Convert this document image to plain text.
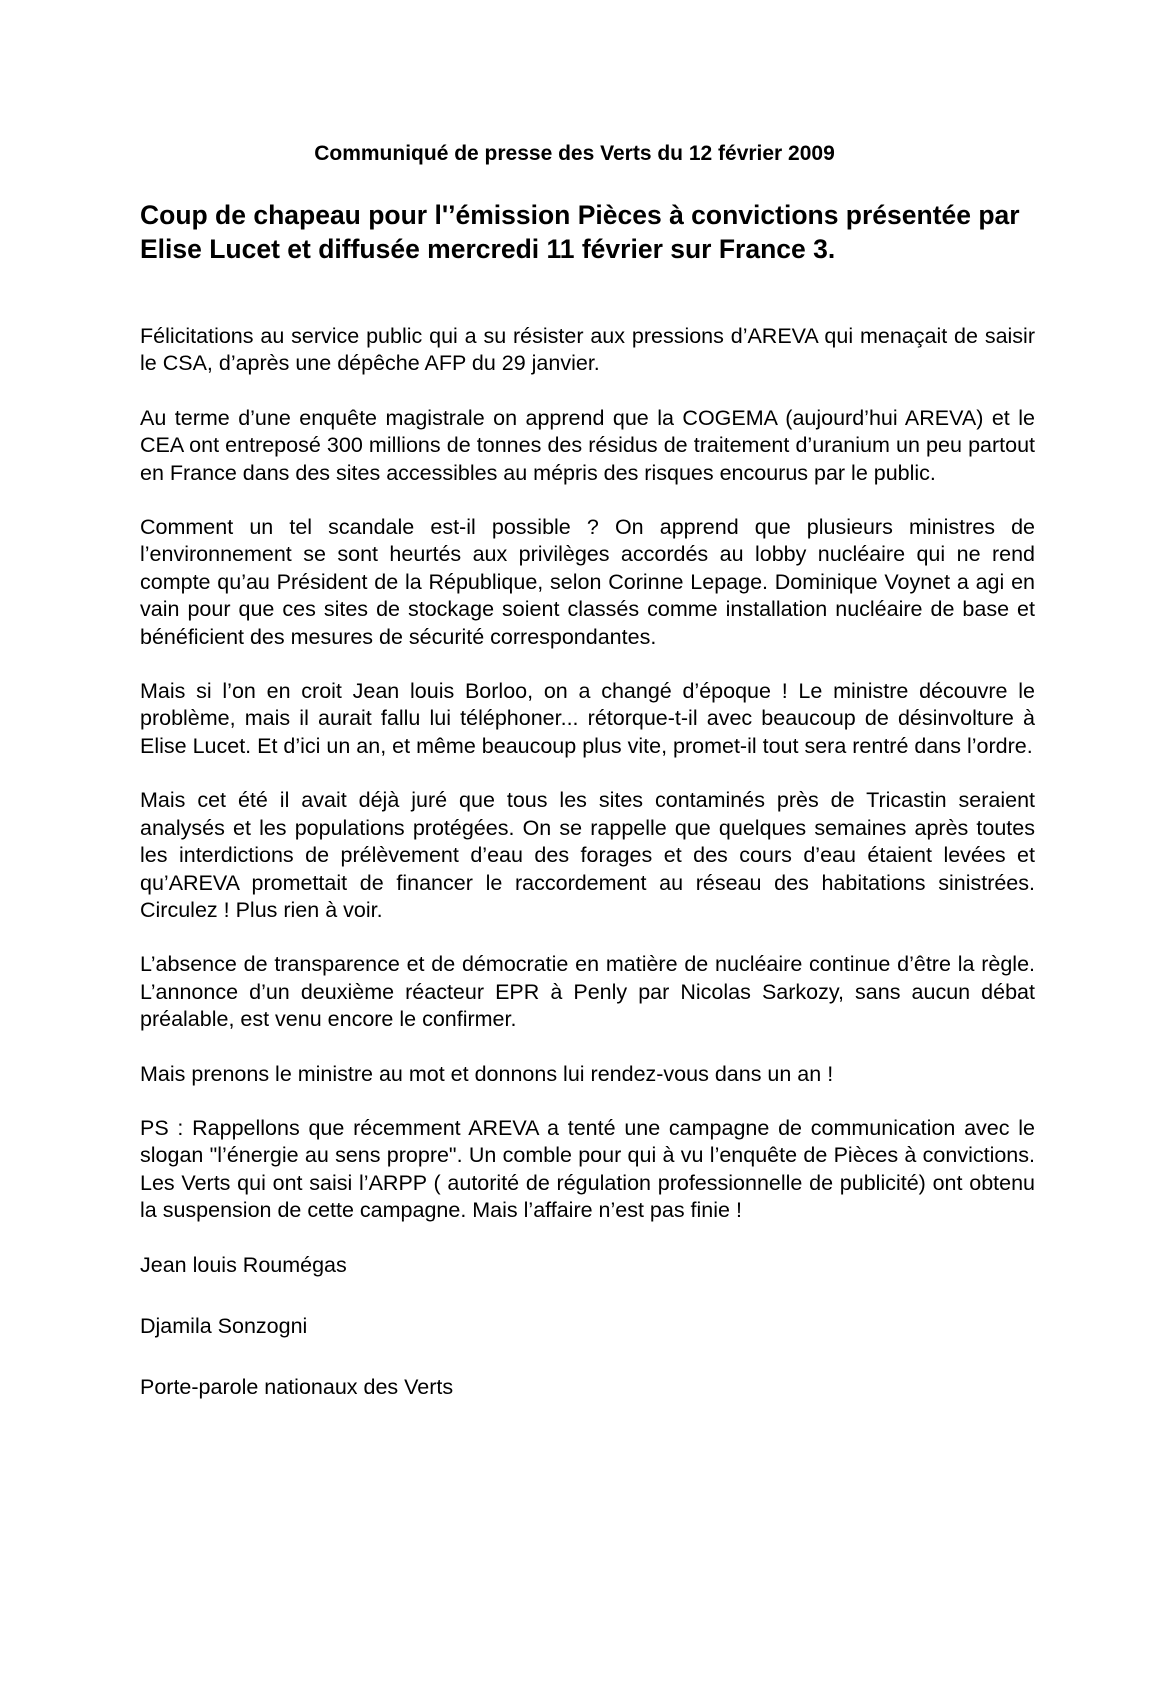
Communiqué de presse des Verts du 12 février 2009
Coup de chapeau pour l'’émission Pièces à convictions présentée par Elise Lucet et diffusée mercredi 11 février sur France 3.

Félicitations au service public qui a su résister aux pressions d’AREVA qui menaçait de saisir le CSA, d’après une dépêche AFP du 29 janvier.

Au terme d’une enquête magistrale on apprend que la COGEMA (aujourd’hui AREVA) et le CEA ont entreposé 300 millions de tonnes des résidus de traitement d’uranium un peu partout en France dans des sites accessibles au mépris des risques encourus par le public.

Comment un tel scandale est-il possible ? On apprend que plusieurs ministres de l’environnement se sont heurtés aux privilèges accordés au lobby nucléaire qui ne rend compte qu’au Président de la République, selon Corinne Lepage. Dominique Voynet a agi en vain pour que ces sites de stockage soient classés comme installation nucléaire de base et bénéficient des mesures de sécurité correspondantes.

Mais si l’on en croit Jean louis Borloo, on a changé d’époque ! Le ministre découvre le problème, mais il aurait fallu lui téléphoner... rétorque-t-il avec beaucoup de désinvolture à Elise Lucet. Et d’ici un an, et même beaucoup plus vite, promet-il tout sera rentré dans l’ordre.

Mais cet été il avait déjà juré que tous les sites contaminés près de Tricastin seraient analysés et les populations protégées. On se rappelle que quelques semaines après toutes les interdictions de prélèvement d’eau des forages et des cours d’eau étaient levées et qu’AREVA promettait de financer le raccordement au réseau des habitations sinistrées. Circulez ! Plus rien à voir.

L’absence de transparence et de démocratie en matière de nucléaire continue d’être la règle. L’annonce d’un deuxième réacteur EPR à Penly par Nicolas Sarkozy, sans aucun débat préalable, est venu encore le confirmer.

Mais prenons le ministre au mot et donnons lui rendez-vous dans un an !

PS : Rappellons que récemment AREVA a tenté une campagne de communication avec le slogan "l’énergie au sens propre". Un comble pour qui à vu l’enquête de Pièces à convictions. Les Verts qui ont saisi l’ARPP ( autorité de régulation professionnelle de publicité) ont obtenu la suspension de cette campagne. Mais l’affaire n’est pas finie !

Jean louis Roumégas

Djamila Sonzogni

Porte-parole nationaux des Verts
